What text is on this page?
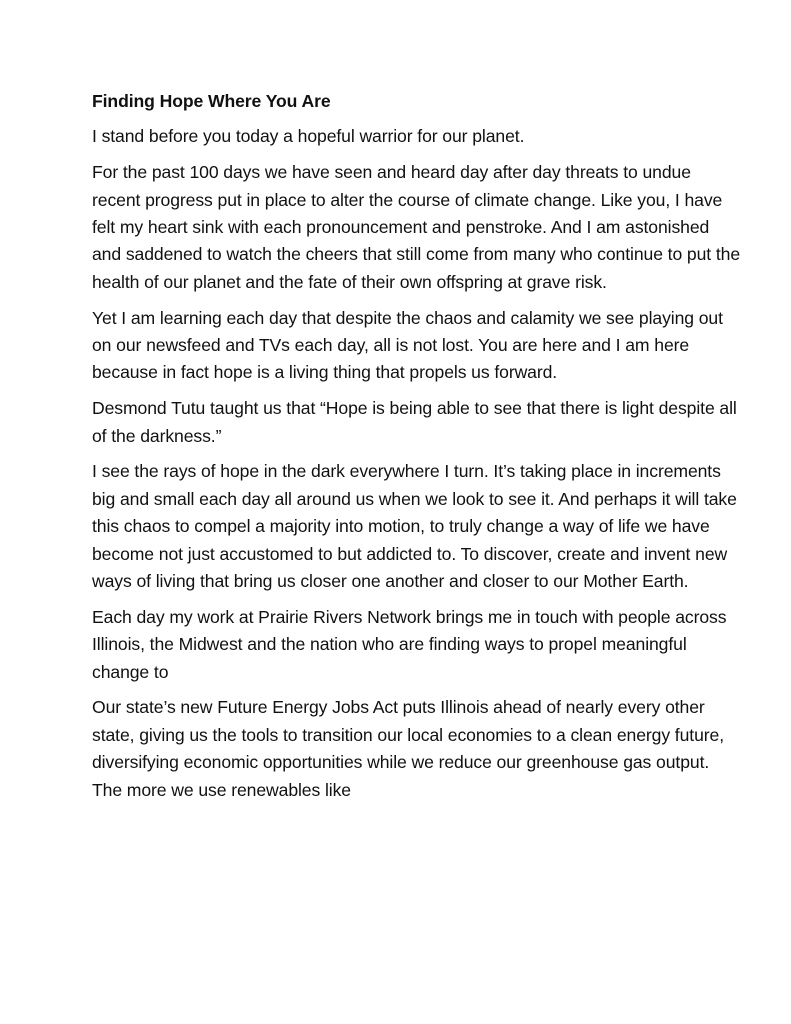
Finding Hope Where You Are

I stand before you today a hopeful warrior for our planet.

For the past 100 days we have seen and heard day after day threats to undue recent progress put in place to alter the course of climate change. Like you, I have felt my heart sink with each pronouncement and penstroke. And I am astonished and saddened to watch the cheers that still come from many who continue to put the health of our planet and the fate of their own offspring at grave risk.

Yet I am learning each day that despite the chaos and calamity we see playing out on our newsfeed and TVs each day, all is not lost. You are here and I am here because in fact hope is a living thing that propels us forward.

Desmond Tutu taught us that “Hope is being able to see that there is light despite all of the darkness.”

I see the rays of hope in the dark everywhere I turn. It’s taking place in increments big and small each day all around us when we look to see it. And perhaps it will take this chaos to compel a majority into motion, to truly change a way of life we have become not just accustomed to but addicted to. To discover, create and invent new ways of living that bring us closer one another and closer to our Mother Earth.

Each day my work at Prairie Rivers Network brings me in touch with people across Illinois, the Midwest and the nation who are finding ways to propel meaningful change to

Our state’s new Future Energy Jobs Act puts Illinois ahead of nearly every other state, giving us the tools to transition our local economies to a clean energy future, diversifying economic opportunities while we reduce our greenhouse gas output. The more we use renewables like
